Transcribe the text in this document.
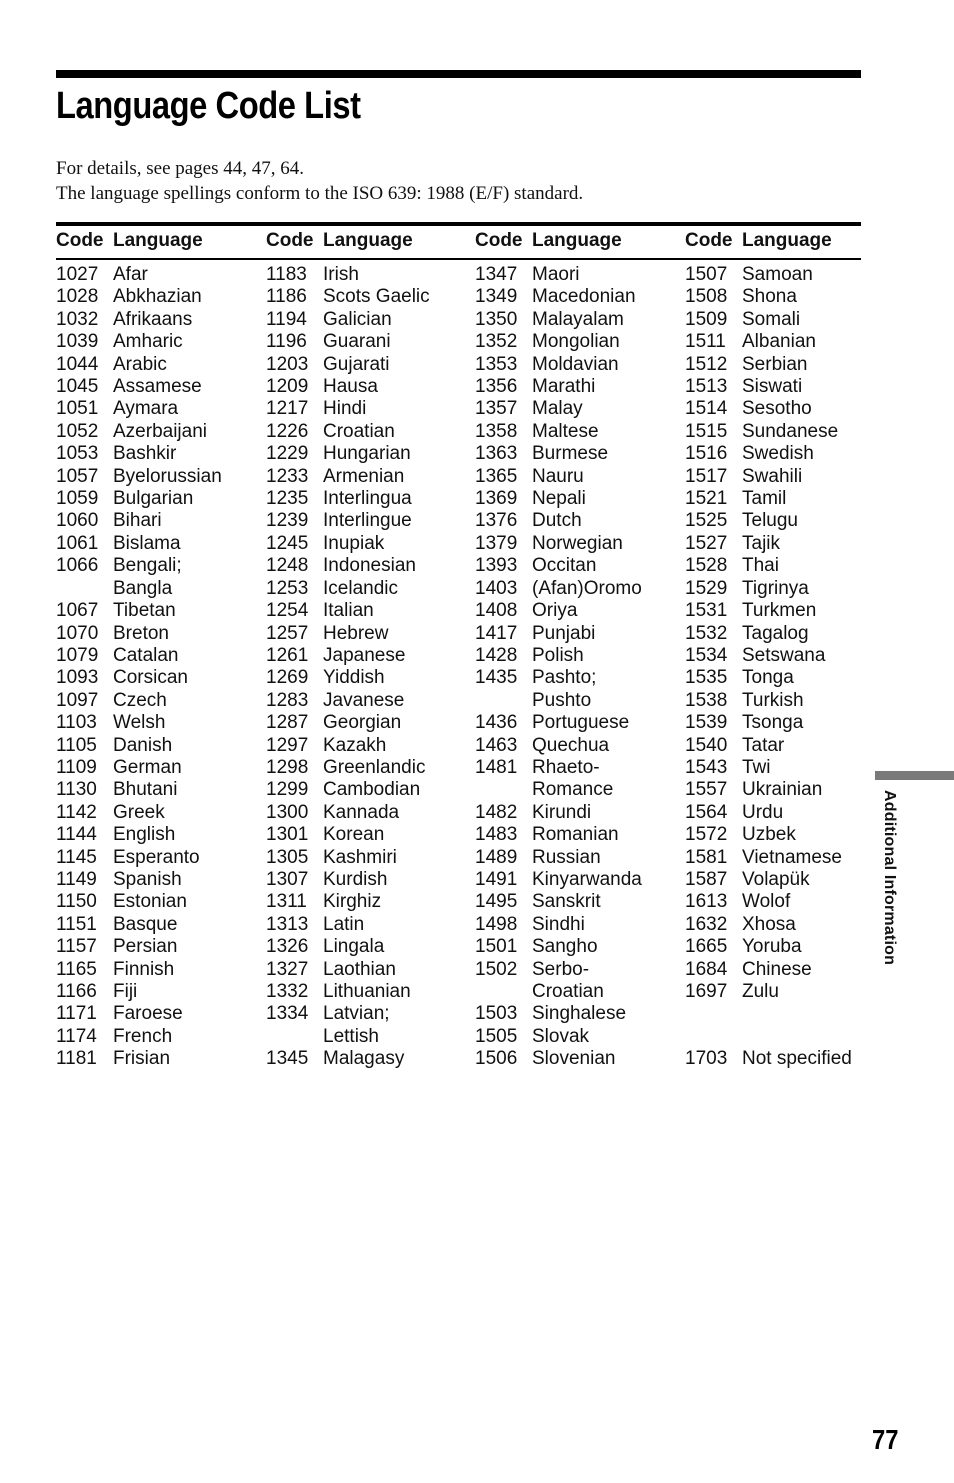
Language Code List
For details, see pages 44, 47, 64.
The language spellings conform to the ISO 639: 1988 (E/F) standard.
Code Language	Code Language	Code Language	Code Language
1027 Afar
1028 Abkhazian
1032 Afrikaans
1039 Amharic
1044 Arabic
1045 Assamese
1051 Aymara
1052 Azerbaijani
1053 Bashkir
1057 Byelorussian
1059 Bulgarian
1060 Bihari
1061 Bislama
1066 Bengali;
Bangla
1067 Tibetan
1070 Breton
1079 Catalan
1093 Corsican
1097 Czech
1103 Welsh
1105 Danish
1109 German
1130 Bhutani
1142 Greek
1144 English
1145 Esperanto
1149 Spanish
1150 Estonian
1151 Basque
1157 Persian
1165 Finnish
1166 Fiji
1171 Faroese
1174 French
1181 Frisian
1183 Irish
1186 Scots Gaelic
1194 Galician
1196 Guarani
1203 Gujarati
1209 Hausa
1217 Hindi
1226 Croatian
1229 Hungarian
1233 Armenian
1235 Interlingua
1239 Interlingue
1245 Inupiak
1248 Indonesian
1253 Icelandic
1254 Italian
1257 Hebrew
1261 Japanese
1269 Yiddish
1283 Javanese
1287 Georgian
1297 Kazakh
1298 Greenlandic
1299 Cambodian
1300 Kannada
1301 Korean
1305 Kashmiri
1307 Kurdish
1311 Kirghiz
1313 Latin
1326 Lingala
1327 Laothian
1332 Lithuanian
1334 Latvian;
Lettish
1345 Malagasy
1347 Maori
1349 Macedonian
1350 Malayalam
1352 Mongolian
1353 Moldavian
1356 Marathi
1357 Malay
1358 Maltese
1363 Burmese
1365 Nauru
1369 Nepali
1376 Dutch
1379 Norwegian
1393 Occitan
1403 (Afan)Oromo
1408 Oriya
1417 Punjabi
1428 Polish
1435 Pashto;
Pushto
1436 Portuguese
1463 Quechua
1481 Rhaeto-
Romance
1482 Kirundi
1483 Romanian
1489 Russian
1491 Kinyarwanda
1495 Sanskrit
1498 Sindhi
1501 Sangho
1502 Serbo-
Croatian
1503 Singhalese
1505 Slovak
1506 Slovenian
1507 Samoan
1508 Shona
1509 Somali
1511 Albanian
1512 Serbian
1513 Siswati
1514 Sesotho
1515 Sundanese
1516 Swedish
1517 Swahili
1521 Tamil
1525 Telugu
1527 Tajik
1528 Thai
1529 Tigrinya
1531 Turkmen
1532 Tagalog
1534 Setswana
1535 Tonga
1538 Turkish
1539 Tsonga
1540 Tatar
1543 Twi
1557 Ukrainian
1564 Urdu
1572 Uzbek
1581 Vietnamese
1587 Volapük
1613 Wolof
1632 Xhosa
1665 Yoruba
1684 Chinese
1697 Zulu
1703 Not specified
Additional Information
77
